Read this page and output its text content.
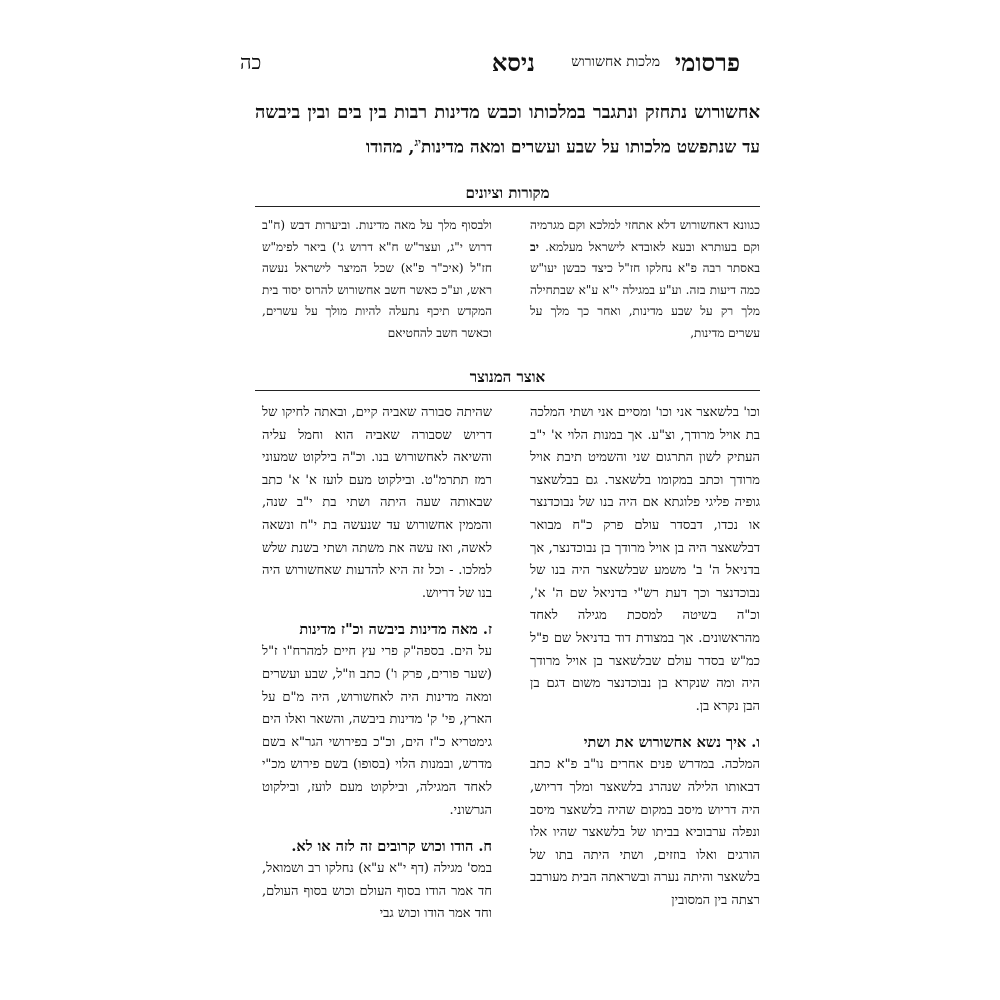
פרסומי
מלכות אחשורוש
ניסא
כה
אחשורוש נתחזק ונתגבר במלכותו וכבש מדינות רבות בין בים ובין ביבשה
עד שנתפשט מלכותו על שבע ועשרים ומאה מדינות$^{יג}$, מהודו
מקורות וציונים

כגוונא דאחשורוש דלא אתחזי למלכא וקם מגרמיה וקם בעותרא ובעא לאובדא לישראל מעלמא. יב באסתר רבה פ"א נחלקו חז"ל כיצד כבשן יעו"ש כמה דיעות בזה. וע"ע במגילה י"א ע"א שבתחילה מלך רק על שבע מדינות, ואחר כך מלך על עשרים מדינות,

ולבסוף מלך על מאה מדינות. וביערות דבש (ח"ב דרוש י"ג, ועצר"ש ח"א דרוש ג') ביאר לפימ"ש חז"ל (איכ"ר פ"א) שכל המיצר לישראל נעשה ראש, וע"כ כאשר חשב אחשורוש להרוס יסוד בית המקדש תיכף נתעלה להיות מולך על עשרים, וכאשר חשב להחטיאם

אוצר המנוצר

וכו' בלשאצר אני וכו' ומסיים אני ושתי המלכה בת אויל מרודך, וצ"ע. אך במנות הלוי א' י"ב העתיק לשון התרגום שני והשמיט תיבת אויל מרודך וכתב במקומו בלשאצר. גם בבלשאצר גופיה פליגי פלוגתא אם היה בנו של נבוכדנצר או נכדו, דבסדר עולם פרק כ"ח מבואר דבלשאצר היה בן אויל מרודך בן נבוכדנצר, אך בדניאל ה' ב' משמע שבלשאצר היה בנו של נבוכדנצר וכך דעת רש"י בדניאל שם ה' א', וכ"ה בשיטה למסכת מגילה לאחד מהראשונים. אך במצודת דוד בדניאל שם פ"ל כמ"ש בסדר עולם שבלשאצר בן אויל מרודך היה ומה שנקרא בן נבוכדנצר משום דגם בן הבן נקרא בן.

ו. איך נשא אחשורוש את ושתי

המלכה. במדרש פנים אחרים נו"ב פ"א כתב דבאותו הלילה שנהרג בלשאצר ומלך דריוש, היה דריוש מיסב במקום שהיה בלשאצר מיסב ונפלה ערבוביא בביתו של בלשאצר שהיו אלו הורגים ואלו בוזזים, ושתי היתה בתו של בלשאצר והיתה נערה ובשראתה הבית מעורבב רצתה בין המסובין

שהיתה סבורה שאביה קיים, ובאתה לחיקו של דריוש שסבורה שאביה הוא וחמל עליה והשיאה לאחשורוש בנו. וכ"ה בילקוט שמעוני רמז תתרמ"ט. ובילקוט מעם לועז א' א' כתב שבאותה שעה היתה ושתי בת י"ב שנה, והממין אחשורוש עד שנעשה בת י"ח ונשאה לאשה, ואז עשה את משתה ושתי בשנת שלש למלכו. - וכל זה היא להדעות שאחשורוש היה בנו של דריוש.

ז. מאה מדינות ביבשה וכ"ז מדינות

על הים. בספה"ק פרי עץ חיים למהרח"ו ז"ל (שער פורים, פרק ו') כתב וז"ל, שבע ועשרים ומאה מדינות היה לאחשורוש, היה מ"ם על הארץ, פי' ק' מדינות ביבשה, והשאר ואלו הים גימטריא כ"ז הים, וכ"כ בפירושי הגר"א בשם מדרש, ובמנות הלוי (בסופו) בשם פירוש מכ"י לאחד המגילה, ובילקוט מעם לועז, ובילקוט הגרשוני.

ח. הודו וכוש קרובים זה לזה או לא.

במס' מגילה (דף י"א ע"א) נחלקו רב ושמואל, חד אמר הודו בסוף העולם וכוש בסוף העולם, וחד אמר הודו וכוש גבי
